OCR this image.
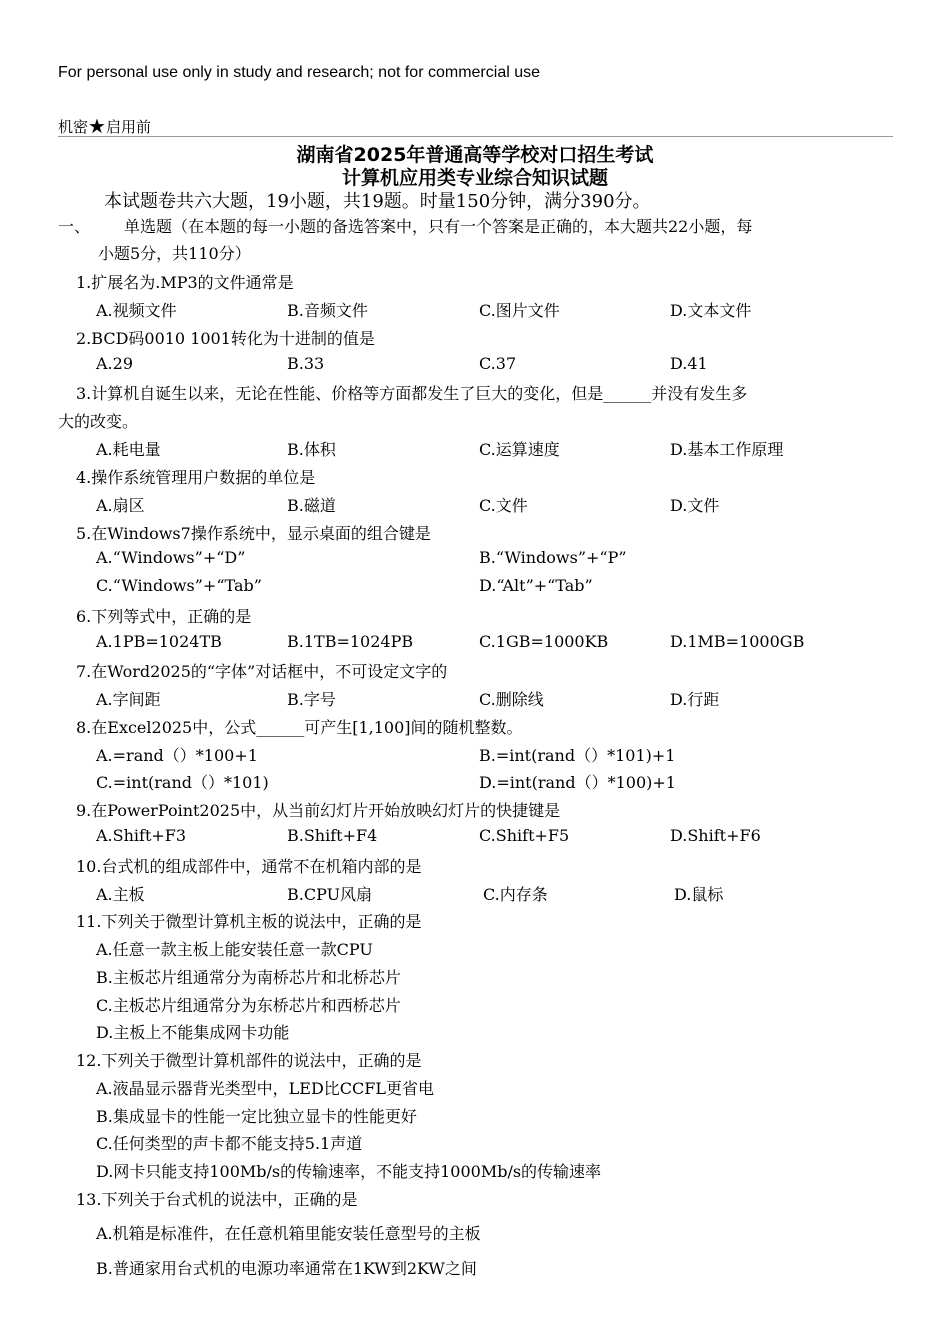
For personal use only in study and research; not for commercial use
机密 ★ 启用前
湖南省2025年普通高等学校对口招生考试
计算机应用类专业综合知识试题
本试题卷共六大题，19小题，共19题。时量150分钟，满分390分。
一、 单选题（在本题的每一小题的备选答案中，只有一个答案是正确的，本大题共22小题，每
小题5分，共110分）
1.扩展名为.MP3的文件通常是
A.视频文件	B.音频文件	C.图片文件	D.文本文件
2.BCD码0010 1001转化为十进制的值是
A.29	B.33	C.37	D.41
3.计算机自诞生以来，无论在性能、价格等方面都发生了巨大的变化，但是______并没有发生多
大的改变。
A.耗电量	B.体积	C.运算速度	D.基本工作原理
4.操作系统管理用户数据的单位是
A.扇区	B.磁道	C.文件	D.文件
5.在Windows7操作系统中，显示桌面的组合键是
A.“Windows”+“D”	B.“Windows”+“P”
C.“Windows”+“Tab”	D.“Alt”+“Tab”
6.下列等式中，正确的是
A.1PB=1024TB	B.1TB=1024PB	C.1GB=1000KB	D.1MB=1000GB
7.在Word2025的“字体”对话框中，不可设定文字的
A.字间距	B.字号	C.删除线	D.行距
8.在Excel2025中，公式______可产生[1,100]间的随机整数。
A.=rand（）*100+1	B.=int(rand（）*101)+1
C.=int(rand（）*101)	D.=int(rand（）*100)+1
9.在PowerPoint2025中，从当前幻灯片开始放映幻灯片的快捷键是
A.Shift+F3	B.Shift+F4	C.Shift+F5	D.Shift+F6
10.台式机的组成部件中，通常不在机箱内部的是
A.主板	B.CPU风扇	C.内存条	D.鼠标
11.下列关于微型计算机主板的说法中，正确的是
A.任意一款主板上能安装任意一款CPU
B.主板芯片组通常分为南桥芯片和北桥芯片
C.主板芯片组通常分为东桥芯片和西桥芯片
D.主板上不能集成网卡功能
12.下列关于微型计算机部件的说法中，正确的是
A.液晶显示器背光类型中，LED比CCFL更省电
B.集成显卡的性能一定比独立显卡的性能更好
C.任何类型的声卡都不能支持5.1声道
D.网卡只能支持100Mb/s的传输速率，不能支持1000Mb/s的传输速率
13.下列关于台式机的说法中，正确的是
A.机箱是标准件，在任意机箱里能安装任意型号的主板
B.普通家用台式机的电源功率通常在1KW到2KW之间
